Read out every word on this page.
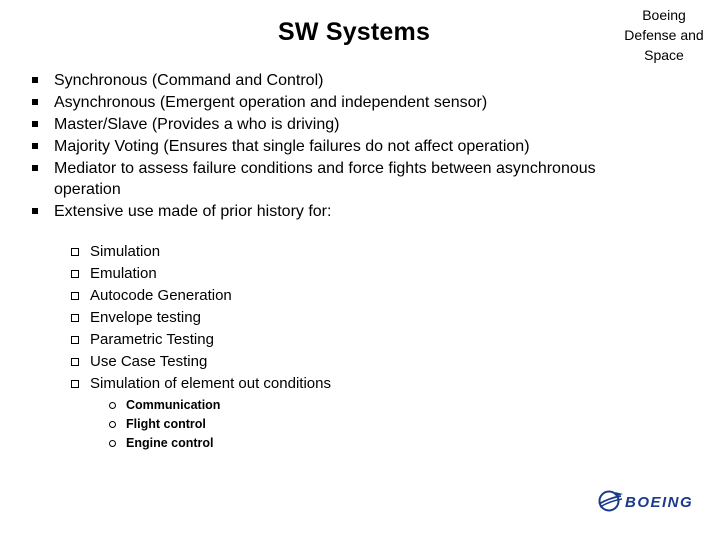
SW Systems
Boeing
Defense and
Space
Synchronous (Command and Control)
Asynchronous (Emergent operation and independent sensor)
Master/Slave (Provides a who is driving)
Majority Voting (Ensures that single failures do not affect operation)
Mediator to assess failure conditions and force fights between asynchronous operation
Extensive use made of prior history for:
Simulation
Emulation
Autocode Generation
Envelope testing
Parametric Testing
Use Case Testing
Simulation of element out conditions
Communication
Flight control
Engine control
BOEING
